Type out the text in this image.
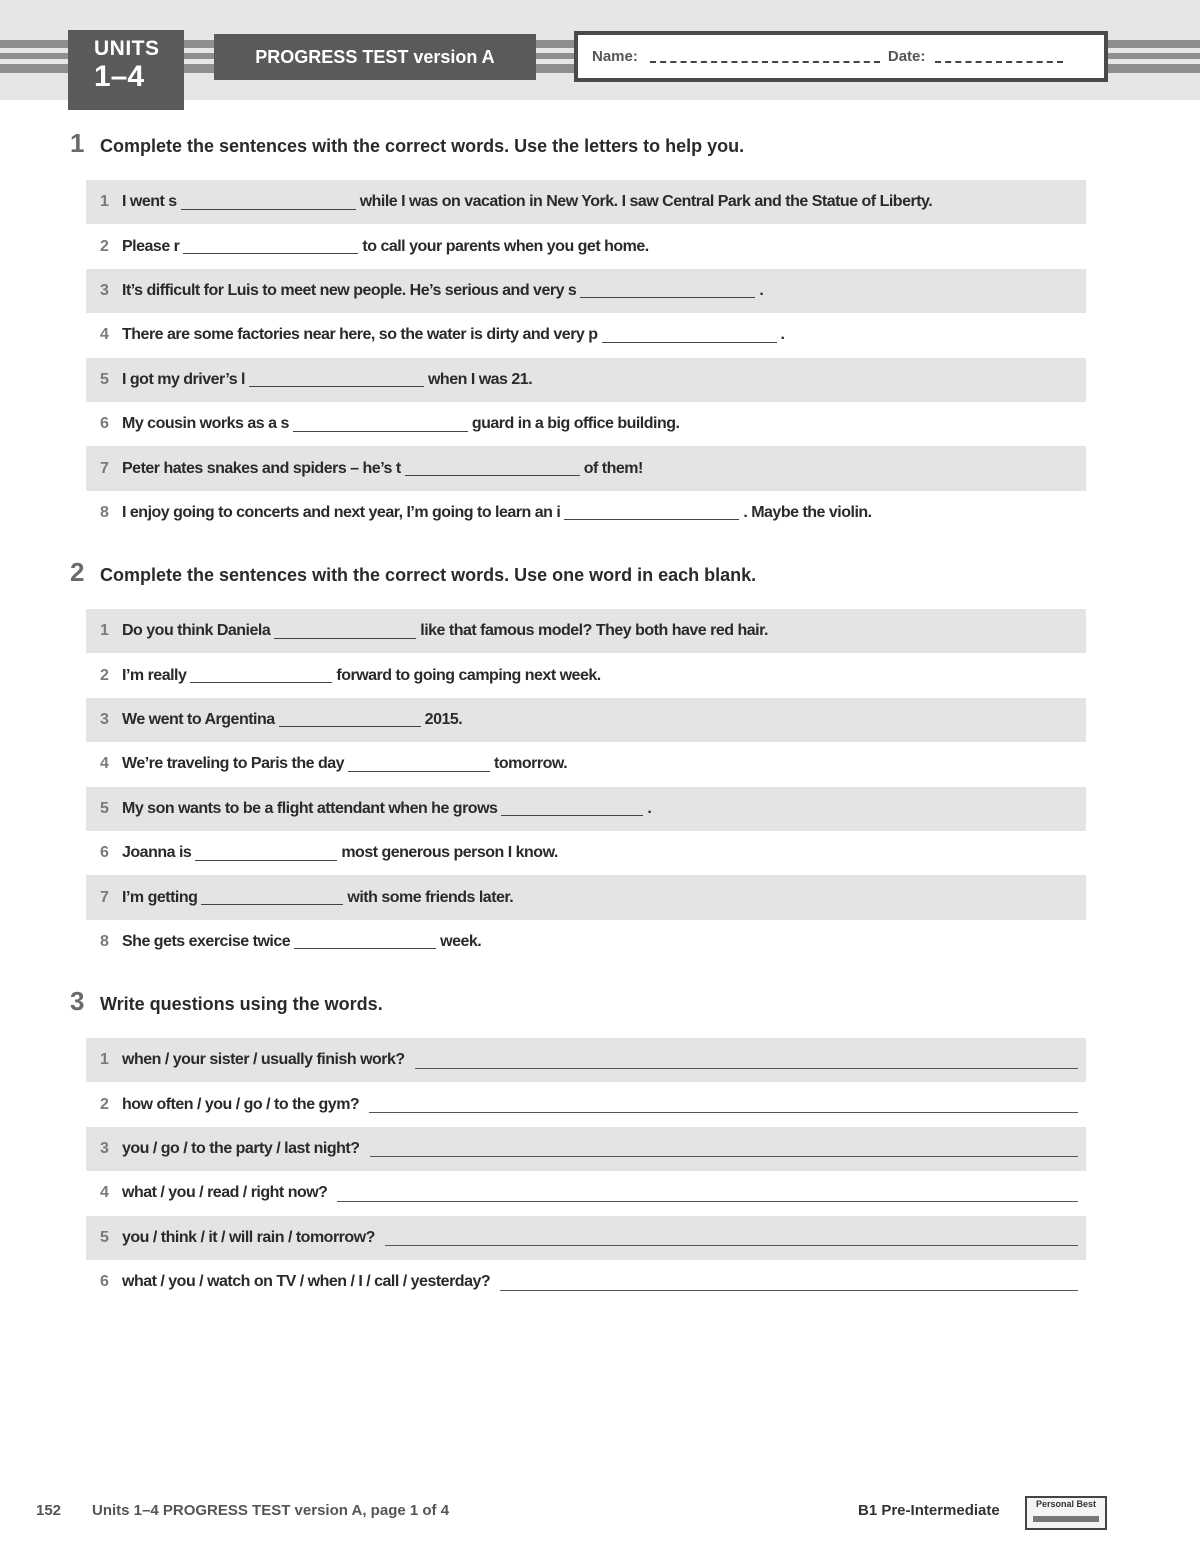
UNITS
1–4
PROGRESS TEST version A	Name:	Date:
1 Complete the sentences with the correct words. Use the letters to help you.
1 I went s	while I was on vacation in New York. I saw Central Park and the Statue of Liberty.
2 Please r	to call your parents when you get home.
3 It’s difficult for Luis to meet new people. He’s serious and very s	.
4 There are some factories near here, so the water is dirty and very p	.
5 I got my driver’s l	when I was 21.
6 My cousin works as a s	guard in a big office building.
7 Peter hates snakes and spiders – he’s t	of them!
8 I enjoy going to concerts and next year, I’m going to learn an i	. Maybe the violin.
2 Complete the sentences with the correct words. Use one word in each blank.
1 Do you think Daniela	like that famous model? They both have red hair.
2 I’m really	forward to going camping next week.
3 We went to Argentina	2015.
4 We’re traveling to Paris the day	tomorrow.
5 My son wants to be a flight attendant when he grows	.
6 Joanna is	most generous person I know.
7 I’m getting	with some friends later.
8 She gets exercise twice	week.
3 Write questions using the words.
1 when / your sister / usually finish work?
2 how often / you / go / to the gym?
3 you / go / to the party / last night?
4 what / you / read / right now?
5 you / think / it / will rain / tomorrow?
6 what / you / watch on TV / when / I / call / yesterday?
152 Units 1–4 PROGRESS TEST version A, page 1 of 4	B1 Pre-Intermediate	Personal Best
